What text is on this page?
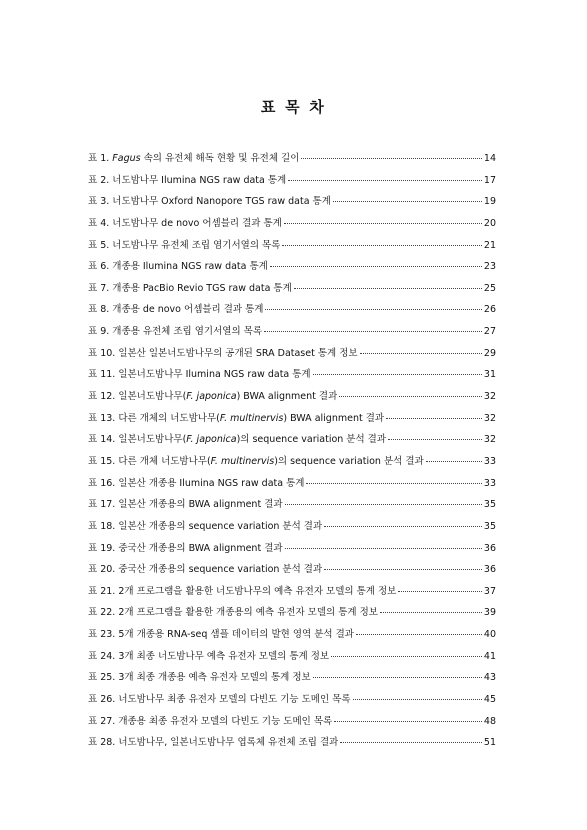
표 목 차
표 1. Fagus 속의 유전체 해독 현황 및 유전체 길이	14
표 2. 너도밤나무 Ilumina NGS raw data 통계	17
표 3. 너도밤나무 Oxford Nanopore TGS raw data 통계	19
표 4. 너도밤나무 de novo 어셈블리 결과 통계	20
표 5. 너도밤나무 유전체 조립 염기서열의 목록	21
표 6. 개종용 Ilumina NGS raw data 통계	23
표 7. 개종용 PacBio Revio TGS raw data 통계	25
표 8. 개종용 de novo 어셈블리 결과 통계	26
표 9. 개종용 유전체 조립 염기서열의 목록	27
표 10. 일본산 일본너도밤나무의 공개된 SRA Dataset 통계 정보	29
표 11. 일본너도밤나무 Ilumina NGS raw data 통계	31
표 12. 일본너도밤나무(F. japonica) BWA alignment 결과	32
표 13. 다른 개체의 너도밤나무(F. multinervis) BWA alignment 결과	32
표 14. 일본너도밤나무(F. japonica)의 sequence variation 분석 결과	32
표 15. 다른 개체 너도밤나무(F. multinervis)의 sequence variation 분석 결과	33
표 16. 일본산 개종용 Ilumina NGS raw data 통계	33
표 17. 일본산 개종용의 BWA alignment 결과	35
표 18. 일본산 개종용의 sequence variation 분석 결과	35
표 19. 중국산 개종용의 BWA alignment 결과	36
표 20. 중국산 개종용의 sequence variation 분석 결과	36
표 21. 2개 프로그램을 활용한 너도밤나무의 예측 유전자 모델의 통계 정보	37
표 22. 2개 프로그램을 활용한 개종용의 예측 유전자 모델의 통계 정보	39
표 23. 5개 개종용 RNA-seq 샘플 데이터의 발현 영역 분석 결과	40
표 24. 3개 최종 너도밤나무 예측 유전자 모델의 통계 정보	41
표 25. 3개 최종 개종용 예측 유전자 모델의 통계 정보	43
표 26. 너도밤나무 최종 유전자 모델의 다빈도 기능 도메인 목록	45
표 27. 개종용 최종 유전자 모델의 다빈도 기능 도메인 목록	48
표 28. 너도밤나무, 일본너도밤나무 엽록체 유전체 조립 결과	51
